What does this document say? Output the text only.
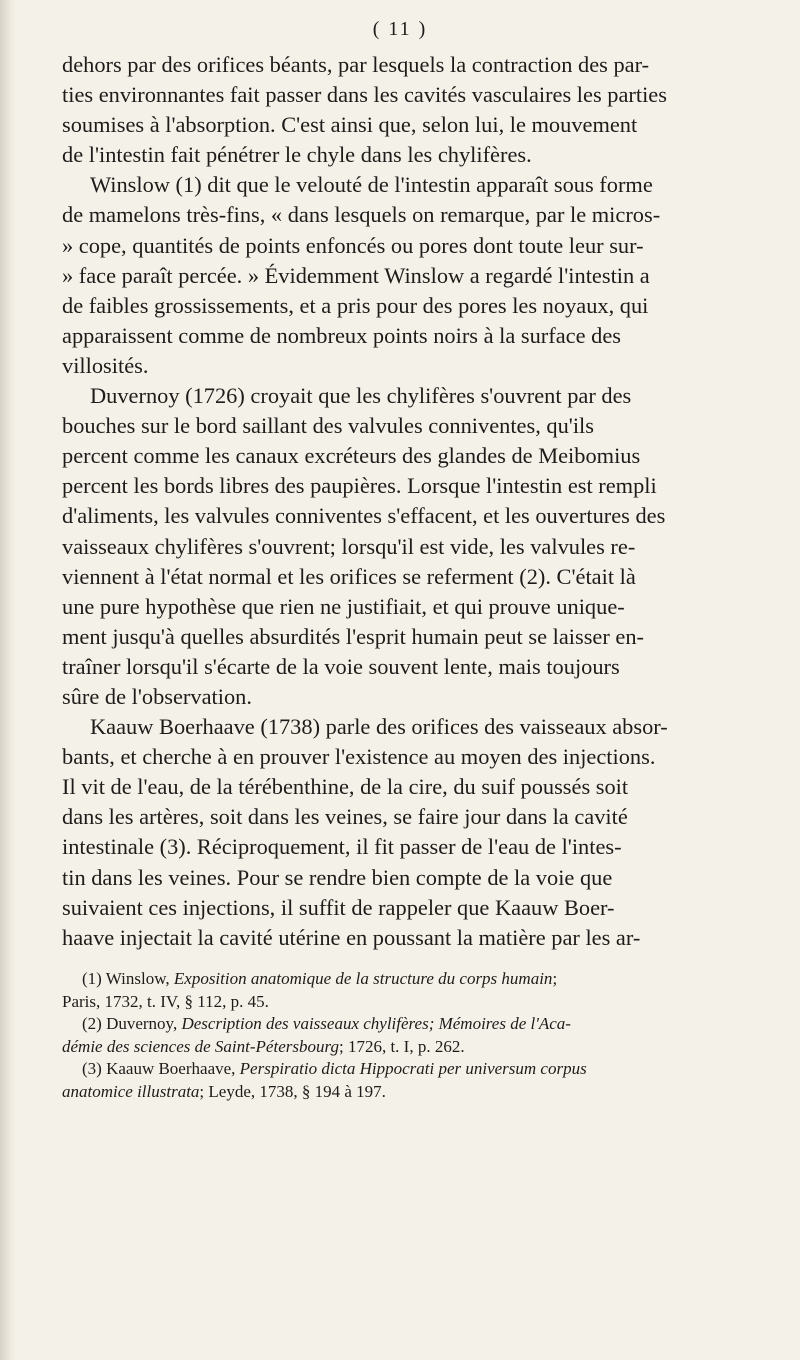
( 11 )

dehors par des orifices béants, par lesquels la contraction des par-
ties environnantes fait passer dans les cavités vasculaires les parties
soumises à l'absorption. C'est ainsi que, selon lui, le mouvement
de l'intestin fait pénétrer le chyle dans les chylifères.

Winslow (1) dit que le velouté de l'intestin apparaît sous forme
de mamelons très-fins, « dans lesquels on remarque, par le micros-
» cope, quantités de points enfoncés ou pores dont toute leur sur-
» face paraît percée. » Évidemment Winslow a regardé l'intestin a
de faibles grossissements, et a pris pour des pores les noyaux, qui
apparaissent comme de nombreux points noirs à la surface des
villosités.

Duvernoy (1726) croyait que les chylifères s'ouvrent par des
bouches sur le bord saillant des valvules conniventes, qu'ils
percent comme les canaux excréteurs des glandes de Meibomius
percent les bords libres des paupières. Lorsque l'intestin est rempli
d'aliments, les valvules conniventes s'effacent, et les ouvertures des
vaisseaux chylifères s'ouvrent; lorsqu'il est vide, les valvules re-
viennent à l'état normal et les orifices se referment (2). C'était là
une pure hypothèse que rien ne justifiait, et qui prouve unique-
ment jusqu'à quelles absurdités l'esprit humain peut se laisser en-
traîner lorsqu'il s'écarte de la voie souvent lente, mais toujours
sûre de l'observation.

Kaauw Boerhaave (1738) parle des orifices des vaisseaux absor-
bants, et cherche à en prouver l'existence au moyen des injections.
Il vit de l'eau, de la térébenthine, de la cire, du suif poussés soit
dans les artères, soit dans les veines, se faire jour dans la cavité
intestinale (3). Réciproquement, il fit passer de l'eau de l'intes-
tin dans les veines. Pour se rendre bien compte de la voie que
suivaient ces injections, il suffit de rappeler que Kaauw Boer-
haave injectait la cavité utérine en poussant la matière par les ar-

(1) Winslow, Exposition anatomique de la structure du corps humain;
Paris, 1732, t. IV, § 112, p. 45.
(2) Duvernoy, Description des vaisseaux chylifères; Mémoires de l'Aca-
démie des sciences de Saint-Pétersbourg; 1726, t. I, p. 262.
(3) Kaauw Boerhaave, Perspiratio dicta Hippocrati per universum corpus
anatomice illustrata; Leyde, 1738, § 194 à 197.
